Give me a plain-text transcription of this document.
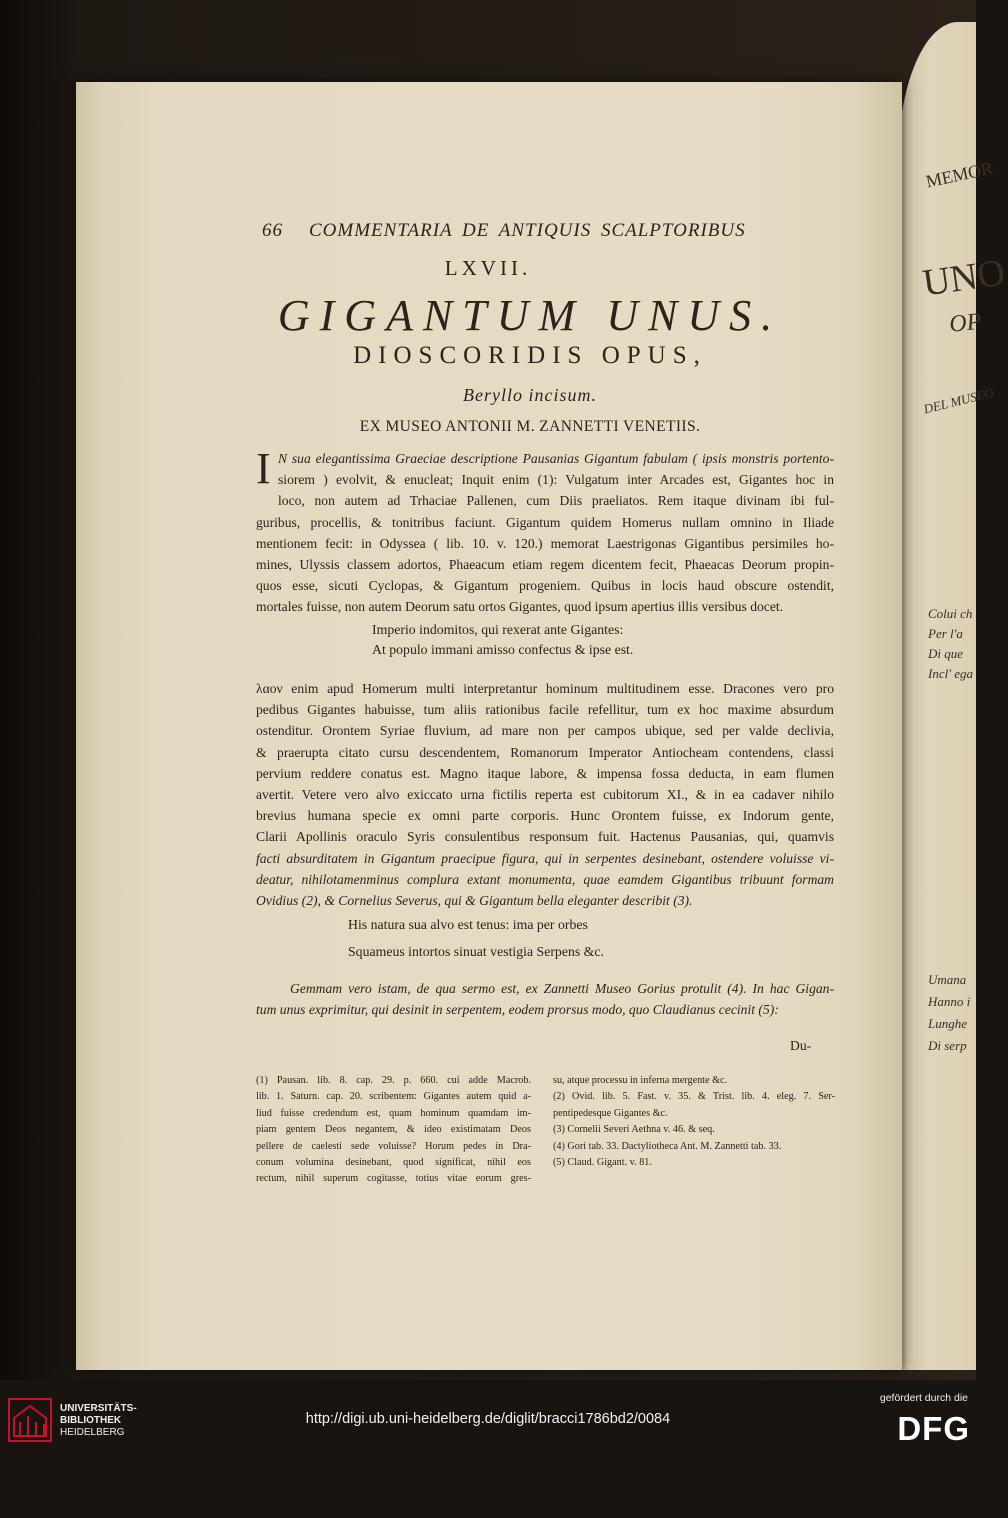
MEMOR
UNO
OP
DEL MUSEO
Colui ch
Per l'a
Di que
Incl' ega
Umana
Hanno i
Lunghe
Di serp
66 COMMENTARIA DE ANTIQUIS SCALPTORIBUS
LXVII.
GIGANTUM UNUS.
DIOSCORIDIS OPUS,
Beryllo incisum.
EX MUSEO ANTONII M. ZANNETTI VENETIIS.
I N sua elegantissima Graeciae descriptione Pausanias Gigantum fabulam ( ipsis monstris portento-
siorem ) evolvit, & enucleat; Inquit enim (1): Vulgatum inter Arcades est, Gigantes hoc in
loco, non autem ad Trhaciae Pallenen, cum Diis praeliatos. Rem itaque divinam ibi ful-
guribus, procellis, & tonitribus faciunt. Gigantum quidem Homerus nullam omnino in Iliade
mentionem fecit: in Odyssea ( lib. 10. v. 120.) memorat Laestrigonas Gigantibus persimiles ho-
mines, Ulyssis classem adortos, Phaeacum etiam regem dicentem fecit, Phaeacas Deorum propin-
quos esse, sicuti Cyclopas, & Gigantum progeniem. Quibus in locis haud obscure ostendit,
mortales fuisse, non autem Deorum satu ortos Gigantes, quod ipsum apertius illis versibus docet.
Imperio indomitos, qui rexerat ante Gigantes:
At populo immani amisso confectus & ipse est.
λαον enim apud Homerum multi interpretantur hominum multitudinem esse. Dracones vero pro
pedibus Gigantes habuisse, tum aliis rationibus facile refellitur, tum ex hoc maxime absurdum
ostenditur. Orontem Syriae fluvium, ad mare non per campos ubique, sed per valde declivia,
& praerupta citato cursu descendentem, Romanorum Imperator Antiocheam contendens, classi
pervium reddere conatus est. Magno itaque labore, & impensa fossa deducta, in eam flumen
avertit. Vetere vero alvo exiccato urna fictilis reperta est cubitorum XI., & in ea cadaver nihilo
brevius humana specie ex omni parte corporis. Hunc Orontem fuisse, ex Indorum gente,
Clarii Apollinis oraculo Syris consulentibus responsum fuit. Hactenus Pausanias, qui, quamvis
facti absurditatem in Gigantum praecipue figura, qui in serpentes desinebant, ostendere voluisse vi-
deatur, nihilotamenminus complura extant monumenta, quae eamdem Gigantibus tribuunt formam
Ovidius (2), & Cornelius Severus, qui & Gigantum bella eleganter describit (3).
His natura sua alvo est tenus: ima per orbes
Squameus intortos sinuat vestigia Serpens &c.
Gemmam vero istam, de qua sermo est, ex Zannetti Museo Gorius protulit (4). In hac Gigan-
tum unus exprimitur, qui desinit in serpentem, eodem prorsus modo, quo Claudianus cecinit (5):
Du-
(1) Pausan. lib. 8. cap. 29. p. 660. cui adde Macrob.
lib. 1. Saturn. cap. 20. scribentem: Gigantes autem quid a-
liud fuisse credendum est, quam hominum quamdam im-
piam gentem Deos negantem, & ideo existimatam Deos
pellere de caelesti sede voluisse? Horum pedes in Dra-
conum volumina desinebant, quod significat, nihil eos
rectum, nihil superum cogitasse, totius vitae eorum gres-
su, atque processu in inferna mergente &c.
(2) Ovid. lib. 5. Fast. v. 35. & Trist. lib. 4. eleg. 7. Ser-
pentipedesque Gigantes &c.
(3) Cornelii Severi Aethna v. 46. & seq.
(4) Gori tab. 33. Dactyliotheca Ant. M. Zannetti tab. 33.
(5) Claud. Gigant. v. 81.
UNIVERSITÄTS-
BIBLIOTHEK
HEIDELBERG
http://digi.ub.uni-heidelberg.de/diglit/bracci1786bd2/0084
gefördert durch die
DFG
